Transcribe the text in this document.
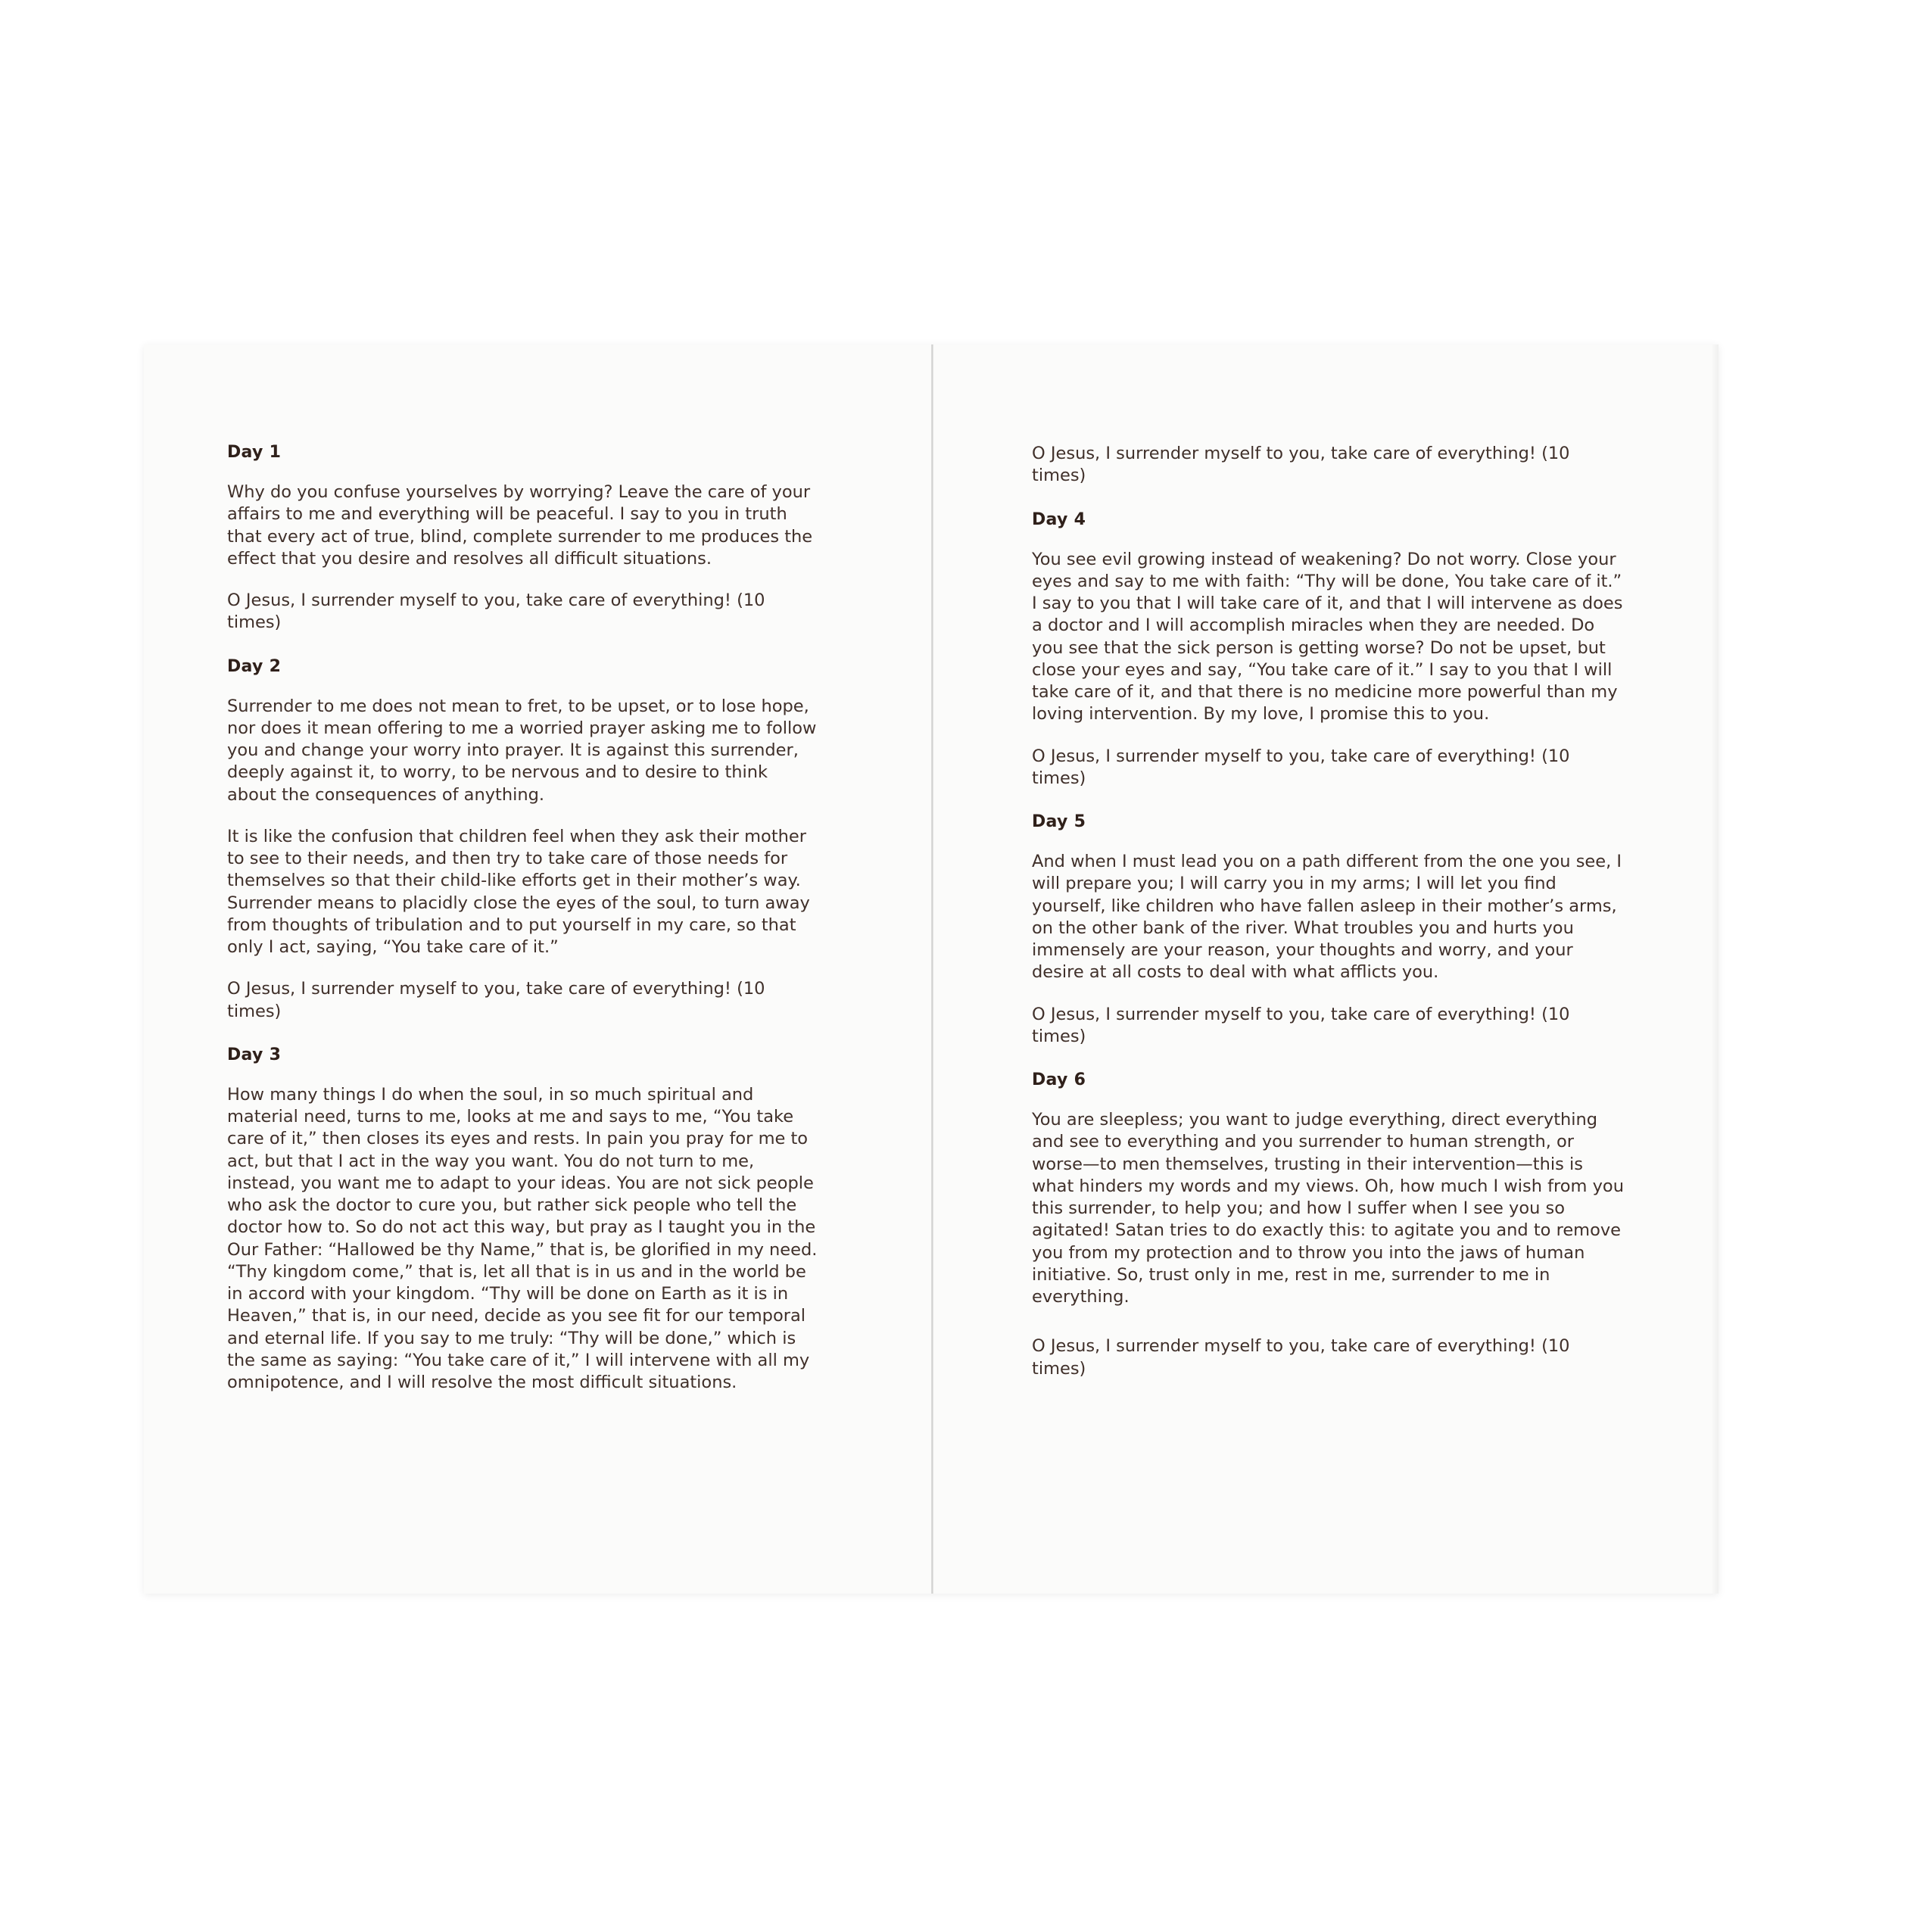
Day 1

Why do you confuse yourselves by worrying? Leave the care of your affairs to me and everything will be peaceful. I say to you in truth that every act of true, blind, complete surrender to me produces the effect that you desire and resolves all difficult situations.

O Jesus, I surrender myself to you, take care of everything! (10 times)

Day 2

Surrender to me does not mean to fret, to be upset, or to lose hope, nor does it mean offering to me a worried prayer asking me to follow you and change your worry into prayer. It is against this surrender, deeply against it, to worry, to be nervous and to desire to think about the consequences of anything.

It is like the confusion that children feel when they ask their mother to see to their needs, and then try to take care of those needs for themselves so that their child-like efforts get in their mother’s way. Surrender means to placidly close the eyes of the soul, to turn away from thoughts of tribulation and to put yourself in my care, so that only I act, saying, “You take care of it.”

O Jesus, I surrender myself to you, take care of everything! (10 times)

Day 3

How many things I do when the soul, in so much spiritual and material need, turns to me, looks at me and says to me, “You take care of it,” then closes its eyes and rests. In pain you pray for me to act, but that I act in the way you want. You do not turn to me, instead, you want me to adapt to your ideas. You are not sick people who ask the doctor to cure you, but rather sick people who tell the doctor how to. So do not act this way, but pray as I taught you in the Our Father: “Hallowed be thy Name,” that is, be glorified in my need. “Thy kingdom come,” that is, let all that is in us and in the world be in accord with your kingdom. “Thy will be done on Earth as it is in Heaven,” that is, in our need, decide as you see fit for our temporal and eternal life. If you say to me truly: “Thy will be done,” which is the same as saying: “You take care of it,” I will intervene with all my omnipotence, and I will resolve the most difficult situations.

O Jesus, I surrender myself to you, take care of everything! (10 times)

Day 4

You see evil growing instead of weakening? Do not worry. Close your eyes and say to me with faith: “Thy will be done, You take care of it.” I say to you that I will take care of it, and that I will intervene as does a doctor and I will accomplish miracles when they are needed. Do you see that the sick person is getting worse? Do not be upset, but close your eyes and say, “You take care of it.” I say to you that I will take care of it, and that there is no medicine more powerful than my loving intervention. By my love, I promise this to you.

O Jesus, I surrender myself to you, take care of everything! (10 times)

Day 5

And when I must lead you on a path different from the one you see, I will prepare you; I will carry you in my arms; I will let you find yourself, like children who have fallen asleep in their mother’s arms, on the other bank of the river. What troubles you and hurts you immensely are your reason, your thoughts and worry, and your desire at all costs to deal with what afflicts you.

O Jesus, I surrender myself to you, take care of everything! (10 times)

Day 6

You are sleepless; you want to judge everything, direct everything and see to everything and you surrender to human strength, or worse—to men themselves, trusting in their intervention—this is what hinders my words and my views. Oh, how much I wish from you this surrender, to help you; and how I suffer when I see you so agitated! Satan tries to do exactly this: to agitate you and to remove you from my protection and to throw you into the jaws of human initiative. So, trust only in me, rest in me, surrender to me in everything.

O Jesus, I surrender myself to you, take care of everything! (10 times)
